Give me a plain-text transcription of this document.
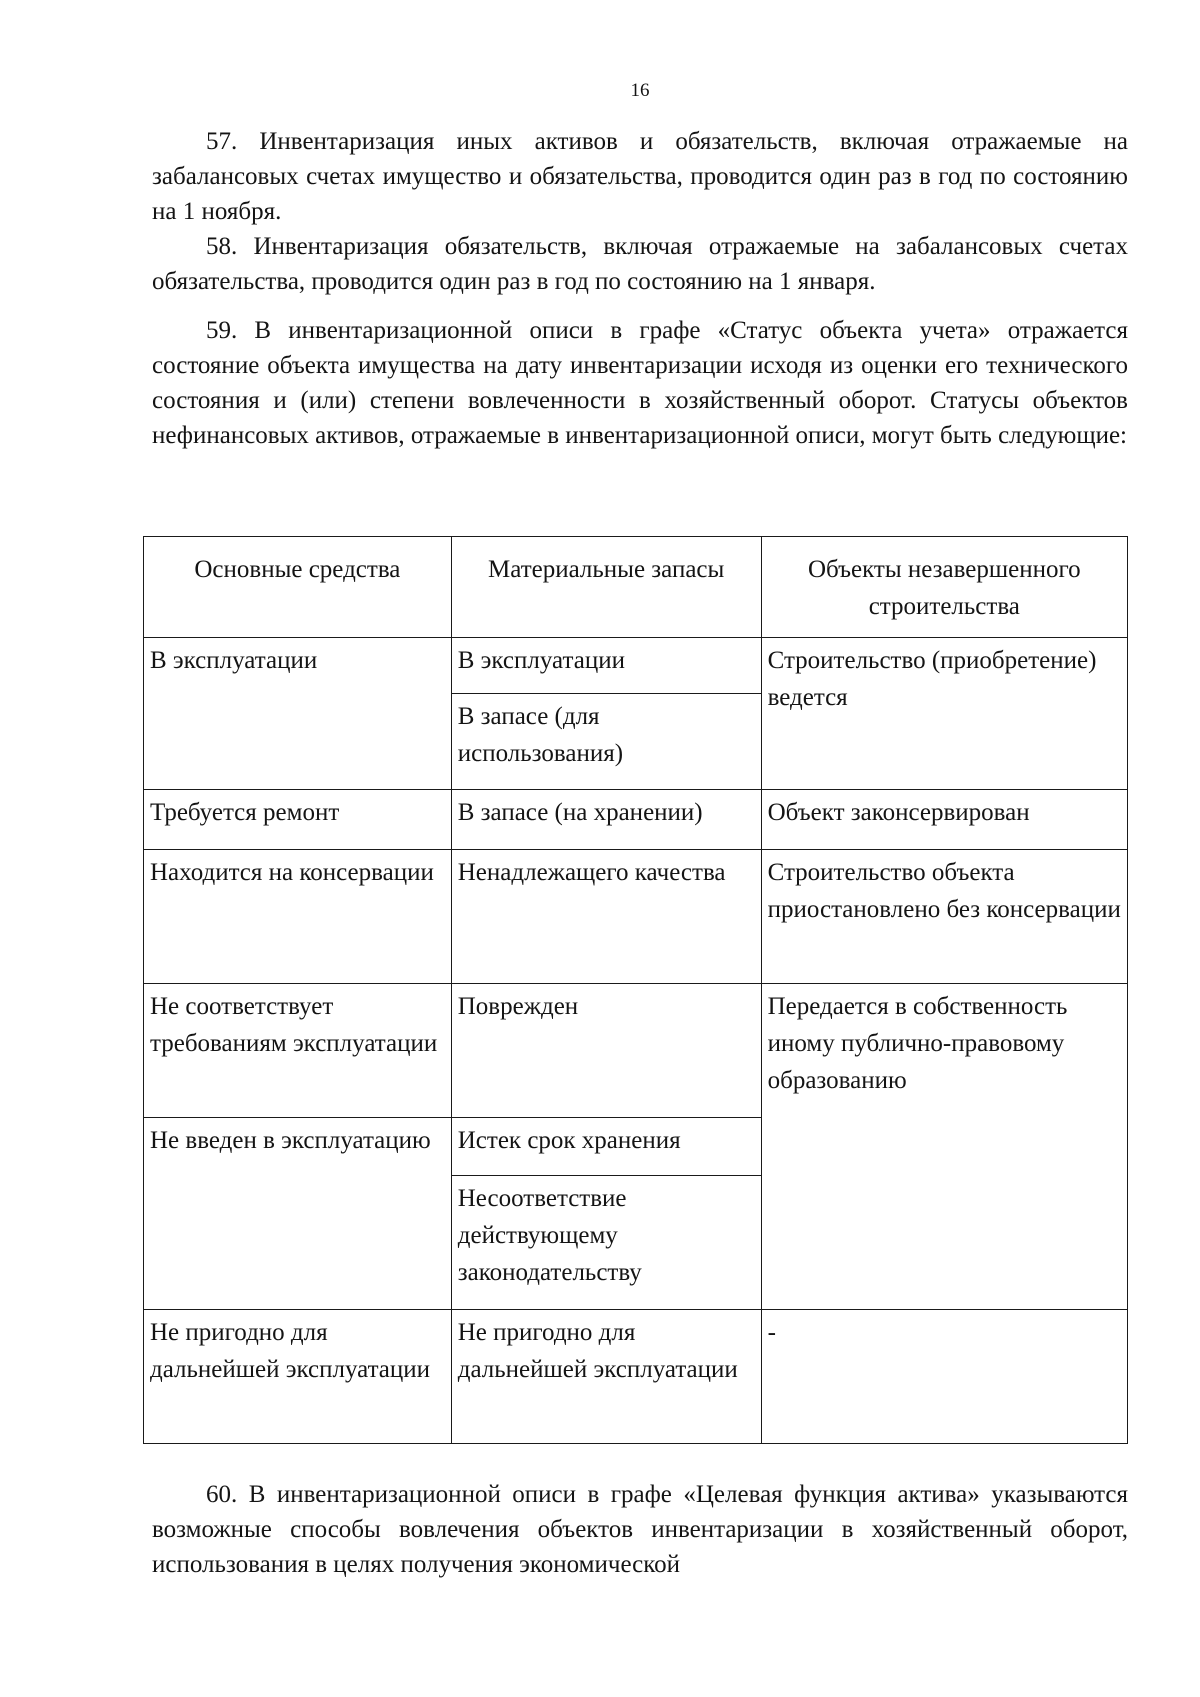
16

57. Инвентаризация иных активов и обязательств, включая отражаемые на забалансовых счетах имущество и обязательства, проводится один раз в год по состоянию на 1 ноября.

58. Инвентаризация обязательств, включая отражаемые на забалансовых счетах обязательства, проводится один раз в год по состоянию на 1 января.

59. В инвентаризационной описи в графе «Статус объекта учета» отражается состояние объекта имущества на дату инвентаризации исходя из оценки его технического состояния и (или) степени вовлеченности в хозяйственный оборот. Статусы объектов нефинансовых активов, отражаемые в инвентаризационной описи, могут быть следующие:

Основные средства	Материальные запасы	Объекты незавершенного строительства
В эксплуатации	В эксплуатации	Строительство (приобретение) ведется
	В запасе (для использования)	
Требуется ремонт	В запасе (на хранении)	Объект законсервирован
Находится на консервации	Ненадлежащего качества	Строительство объекта приостановлено без консервации
Не соответствует требованиям эксплуатации	Поврежден	Передается в собственность иному публично-правовому образованию
Не введен в эксплуатацию	Истек срок хранения	
	Несоответствие действующему законодательству	
Не пригодно для дальнейшей эксплуатации	Не пригодно для дальнейшей эксплуатации	-

60. В инвентаризационной описи в графе «Целевая функция актива» указываются возможные способы вовлечения объектов инвентаризации в хозяйственный оборот, использования в целях получения экономической
